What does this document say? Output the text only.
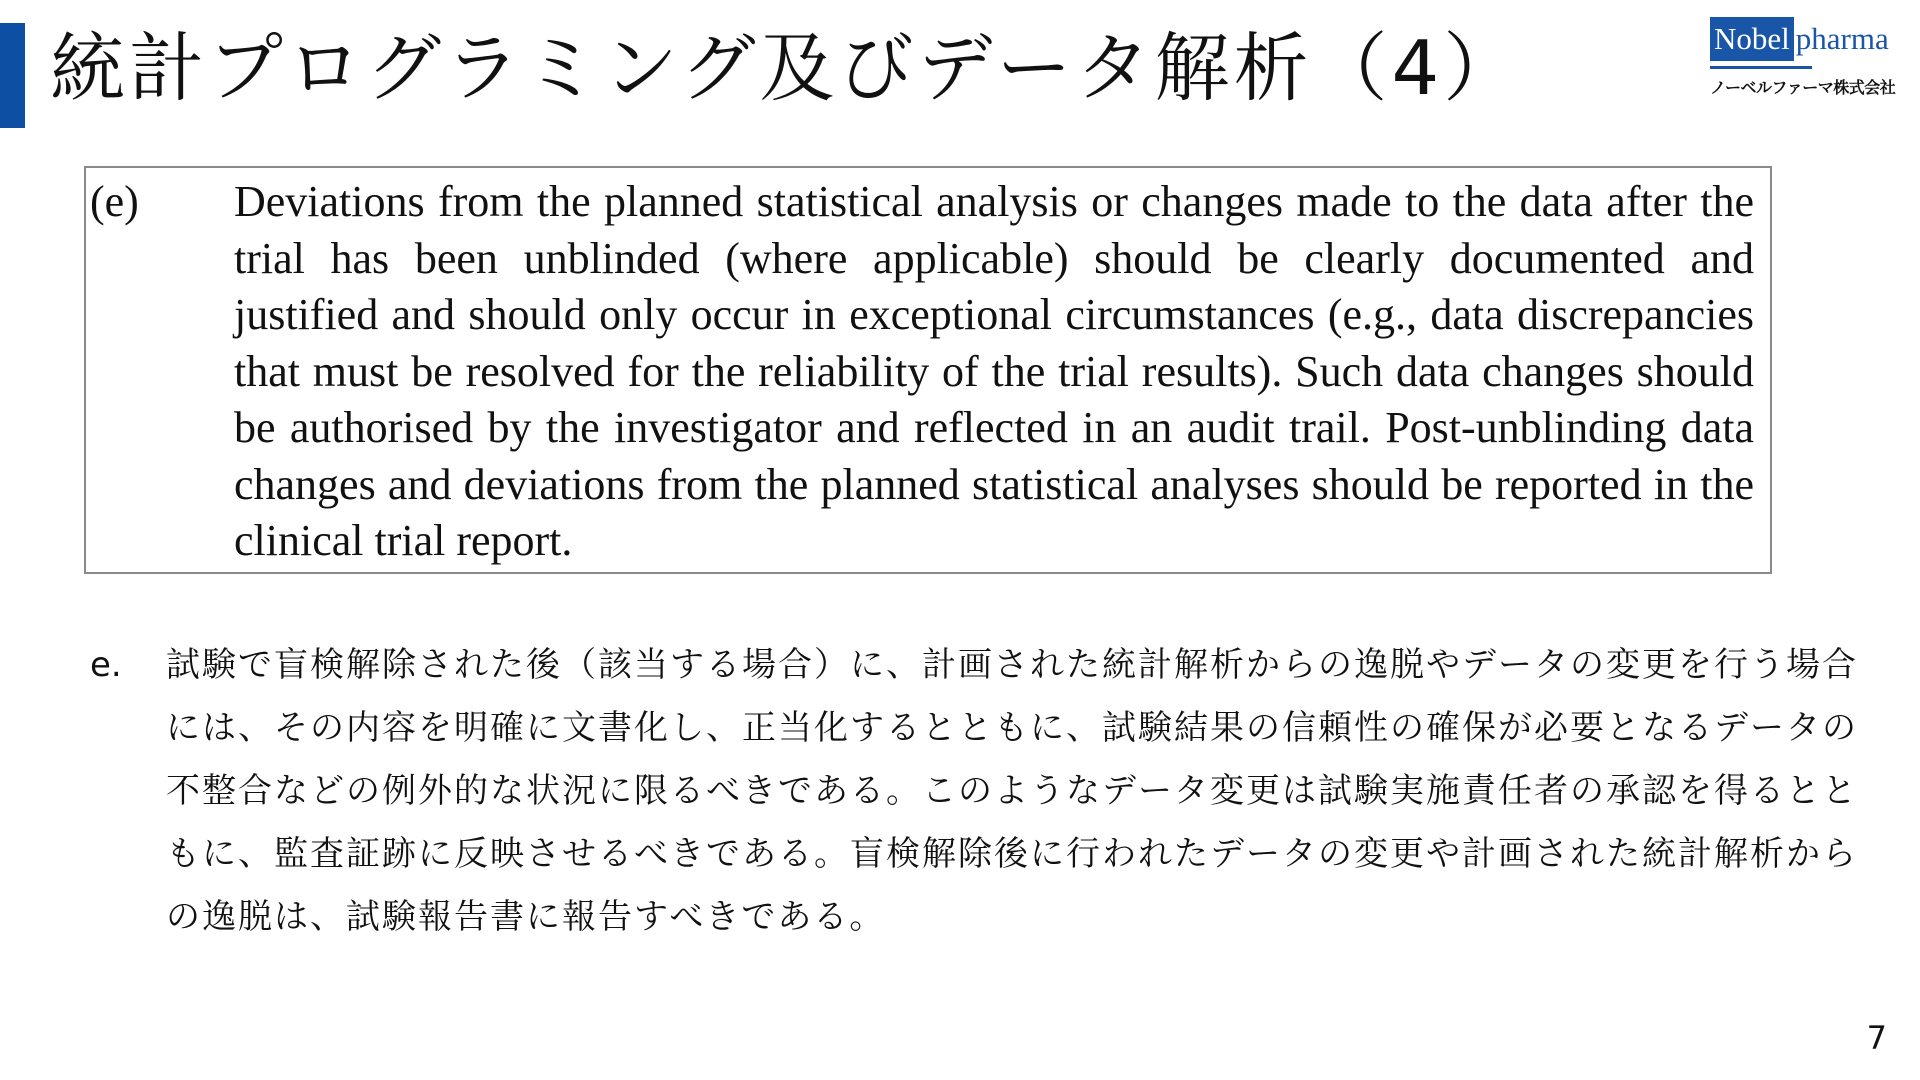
統計プログラミング及びデータ解析（4）	Nobel pharma
ノーベルファーマ株式会社
(e) Deviations from the planned statistical analysis or changes made to the data after the trial has been unblinded (where applicable) should be clearly documented and justified and should only occur in exceptional circumstances (e.g., data discrepancies that must be resolved for the reliability of the trial results). Such data changes should be authorised by the investigator and reflected in an audit trail. Post-unblinding data changes and deviations from the planned statistical analyses should be reported in the clinical trial report.

e. 試験で盲検解除された後（該当する場合）に、計画された統計解析からの逸脱やデータの変更を行う場合には、その内容を明確に文書化し、正当化するとともに、試験結果の信頼性の確保が必要となるデータの不整合などの例外的な状況に限るべきである。このようなデータ変更は試験実施責任者の承認を得るとともに、監査証跡に反映させるべきである。盲検解除後に行われたデータの変更や計画された統計解析からの逸脱は、試験報告書に報告すべきである。

7
